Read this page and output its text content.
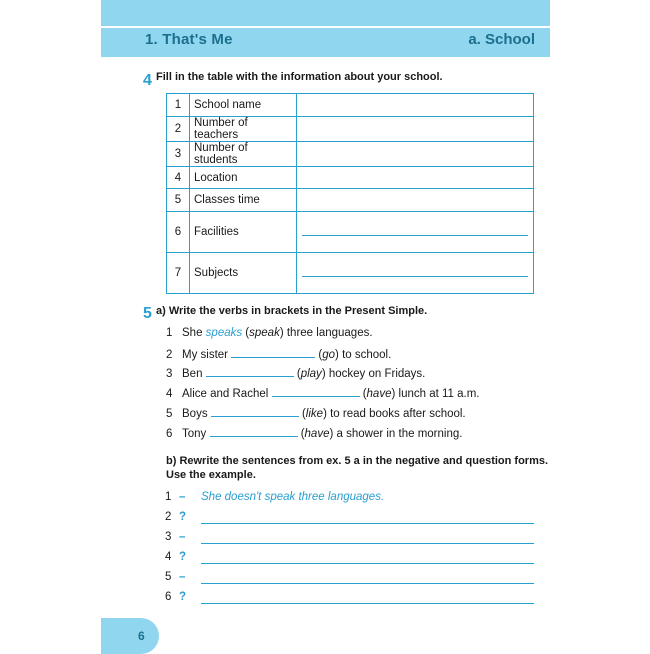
1. That's Me	a. School
4 Fill in the table with the information about your school.
1	School name	
2	Number of teachers	
3	Number of students	
4	Location	
5	Classes time	
6	Facilities	

7	Subjects	
5 a) Write the verbs in brackets in the Present Simple.
1 She speaks (speak) three languages.
2 My sister	(go) to school.
3 Ben	(play) hockey on Fridays.
4 Alice and Rachel	(have) lunch at 11 a.m.
5 Boys	(like) to read books after school.
6 Tony	(have) a shower in the morning.
b) Rewrite the sentences from ex. 5 a in the negative and question forms.
Use the example.
1 – She doesn't speak three languages.
2 ?
3 –
4 ?
5 –
6 ?
6
